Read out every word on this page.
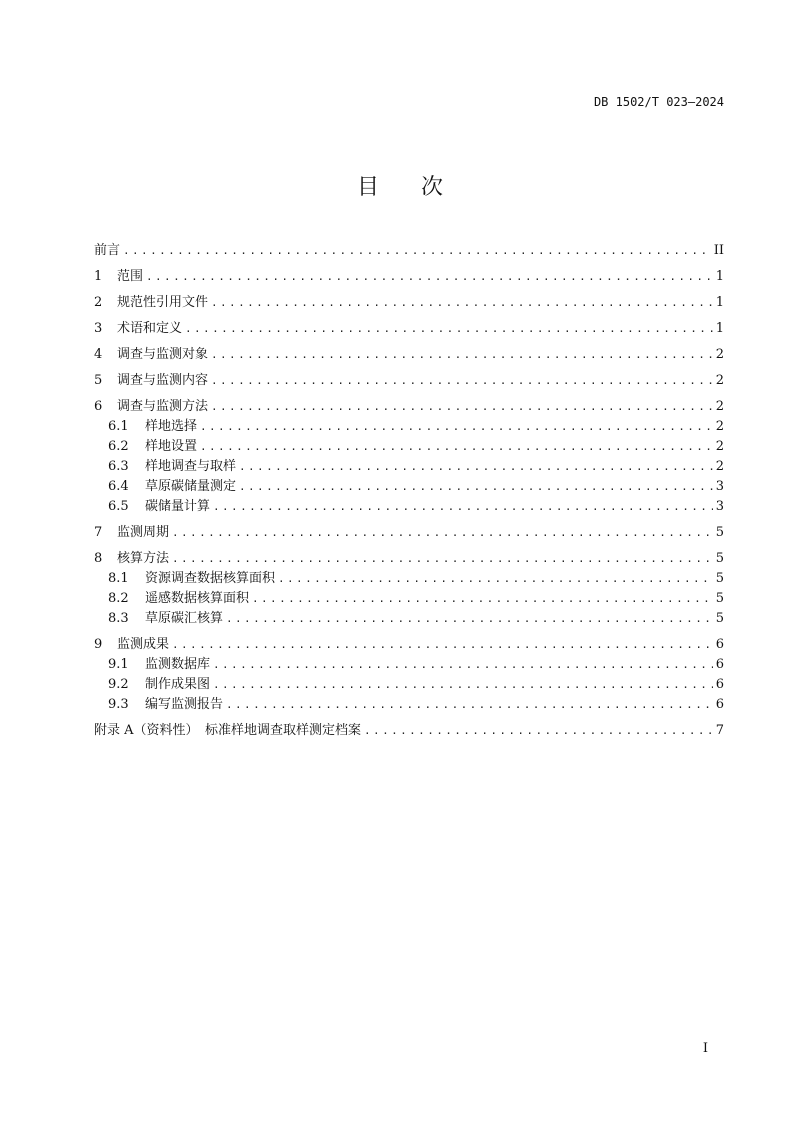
DB 1502/T 023—2024
目 次
前言 .....	II
1	范围 .....	1
2	规范性引用文件 .....	1
3	术语和定义 .....	1
4	调查与监测对象 .....	2
5	调查与监测内容 .....	2
6	调查与监测方法 .....	2
6.1	样地选择 .....	2
6.2	样地设置 .....	2
6.3	样地调查与取样 .....	2
6.4	草原碳储量测定 .....	3
6.5	碳储量计算 .....	3
7	监测周期 .....	5
8	核算方法 .....	5
8.1	资源调查数据核算面积 .....	5
8.2	遥感数据核算面积 .....	5
8.3	草原碳汇核算 .....	5
9	监测成果 .....	6
9.1	监测数据库 .....	6
9.2	制作成果图 .....	6
9.3	编写监测报告 .....	6
附录 A（资料性）　标准样地调查取样测定档案 .....	7
I
